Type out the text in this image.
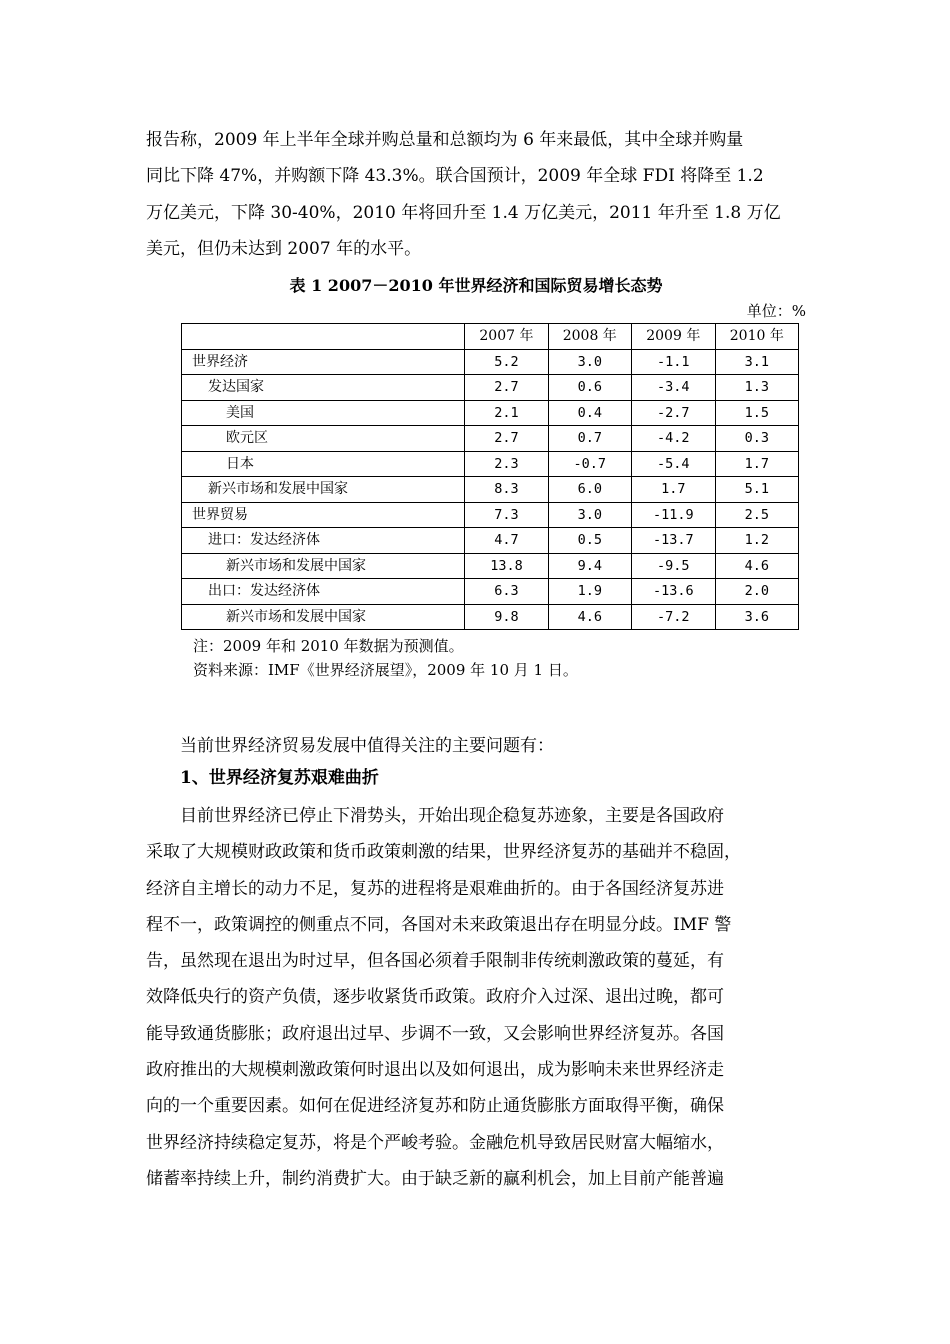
报告称，2009 年上半年全球并购总量和总额均为 6 年来最低，其中全球并购量
同比下降 47%，并购额下降 43.3%。联合国预计，2009 年全球 FDI 将降至 1.2
万亿美元，下降 30-40%，2010 年将回升至 1.4 万亿美元，2011 年升至 1.8 万亿
美元，但仍未达到 2007 年的水平。
表 1 2007－2010 年世界经济和国际贸易增长态势
单位：%
	2007 年	2008 年	2009 年	2010 年
世界经济	5.2	3.0	-1.1	3.1
发达国家	2.7	0.6	-3.4	1.3
美国	2.1	0.4	-2.7	1.5
欧元区	2.7	0.7	-4.2	0.3
日本	2.3	-0.7	-5.4	1.7
新兴市场和发展中国家	8.3	6.0	1.7	5.1
世界贸易	7.3	3.0	-11.9	2.5
进口：发达经济体	4.7	0.5	-13.7	1.2
新兴市场和发展中国家	13.8	9.4	-9.5	4.6
出口：发达经济体	6.3	1.9	-13.6	2.0
新兴市场和发展中国家	9.8	4.6	-7.2	3.6
注：2009 年和 2010 年数据为预测值。
资料来源：IMF《世界经济展望》，2009 年 10 月 1 日。
当前世界经济贸易发展中值得关注的主要问题有：
1、世界经济复苏艰难曲折
目前世界经济已停止下滑势头，开始出现企稳复苏迹象，主要是各国政府
采取了大规模财政政策和货币政策刺激的结果，世界经济复苏的基础并不稳固，
经济自主增长的动力不足，复苏的进程将是艰难曲折的。由于各国经济复苏进
程不一，政策调控的侧重点不同，各国对未来政策退出存在明显分歧。IMF 警
告，虽然现在退出为时过早，但各国必须着手限制非传统刺激政策的蔓延，有
效降低央行的资产负债，逐步收紧货币政策。政府介入过深、退出过晚，都可
能导致通货膨胀；政府退出过早、步调不一致，又会影响世界经济复苏。各国
政府推出的大规模刺激政策何时退出以及如何退出，成为影响未来世界经济走
向的一个重要因素。如何在促进经济复苏和防止通货膨胀方面取得平衡，确保
世界经济持续稳定复苏，将是个严峻考验。金融危机导致居民财富大幅缩水，
储蓄率持续上升，制约消费扩大。由于缺乏新的赢利机会，加上目前产能普遍
